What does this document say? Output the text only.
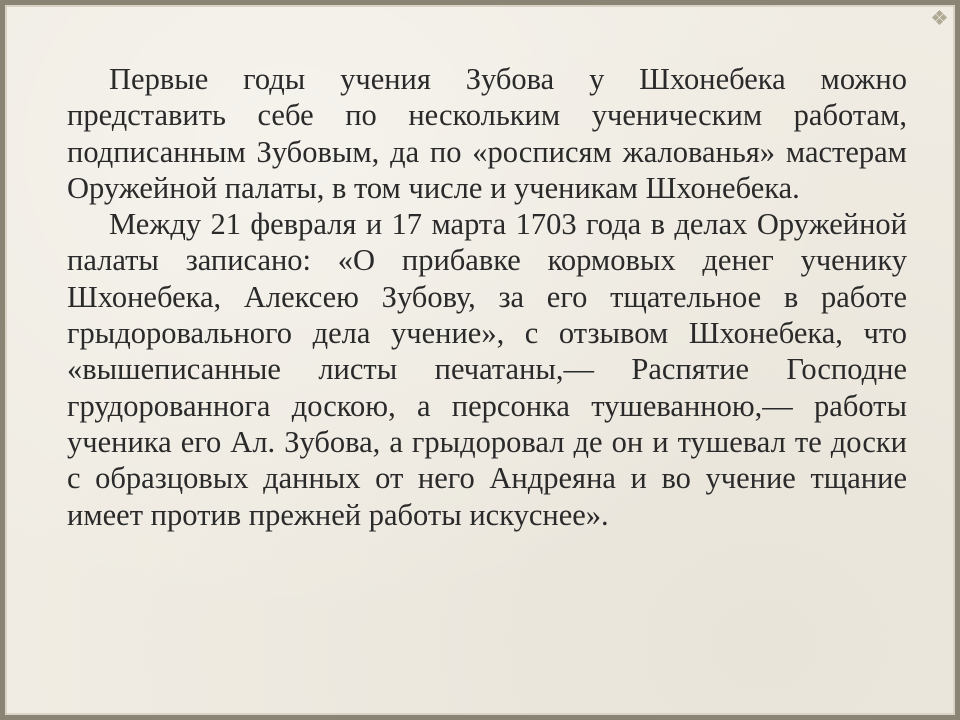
Первые годы учения Зубова у Шхонебека можно представить себе по нескольким ученическим работам, подписанным Зубовым, да по «росписям жалованья» мастерам Оружейной палаты, в том числе и ученикам Шхонебека.

Между 21 февраля и 17 марта 1703 года в делах Оружейной палаты записано: «О прибавке кормовых денег ученику Шхонебека, Алексею Зубову, за его тщательное в работе грыдоровального дела учение», с отзывом Шхонебека, что «вышеписанные листы печатаны,— Распятие Господне грудорованнога доскою, а персонка тушеванною,— работы ученика его Ал. Зубова, а грыдоровал де он и тушевал те доски с образцовых данных от него Андреяна и во учение тщание имеет против прежней работы искуснее».
